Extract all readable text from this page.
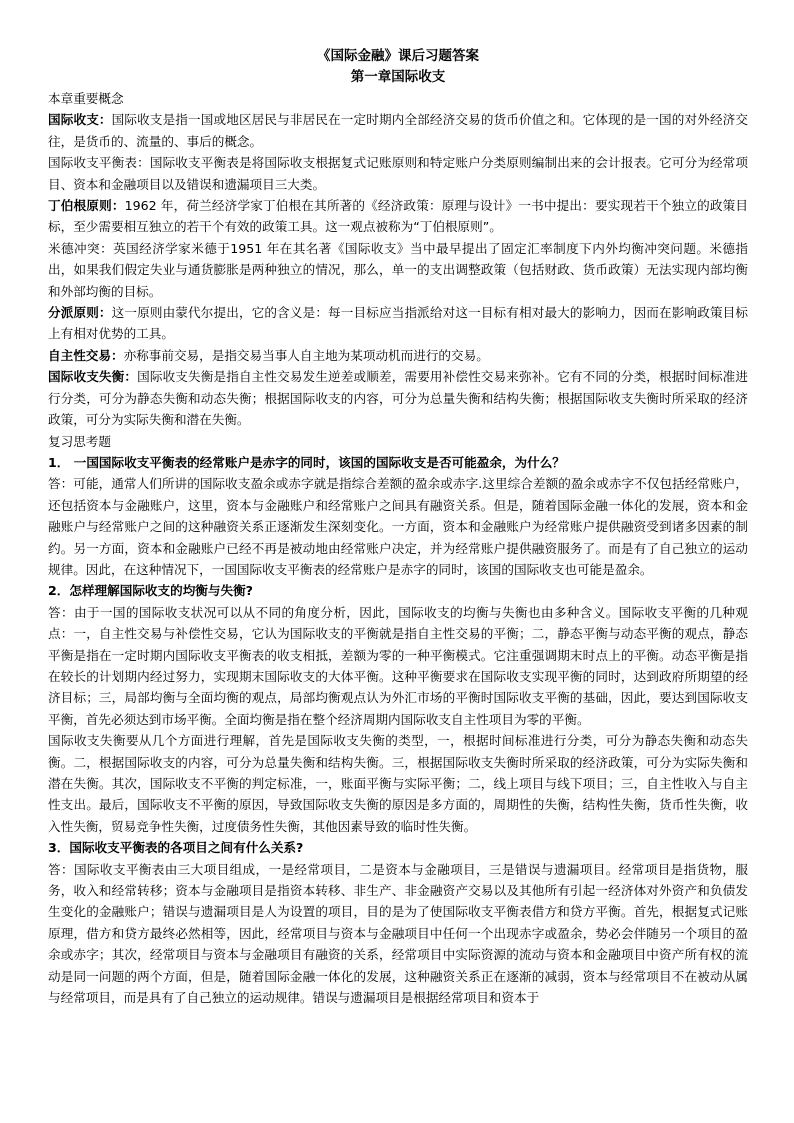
《国际金融》课后习题答案

第一章国际收支

本章重要概念

国际收支：国际收支是指一国或地区居民与非居民在一定时期内全部经济交易的货币价值之和。它体现的是一国的对外经济交往，是货币的、流量的、事后的概念。

国际收支平衡表：国际收支平衡表是将国际收支根据复式记账原则和特定账户分类原则编制出来的会计报表。它可分为经常项目、资本和金融项目以及错误和遗漏项目三大类。

丁伯根原则：1962 年，荷兰经济学家丁伯根在其所著的《经济政策：原理与设计》一书中提出：要实现若干个独立的政策目标，至少需要相互独立的若干个有效的政策工具。这一观点被称为“丁伯根原则”。

米德冲突：英国经济学家米德于1951 年在其名著《国际收支》当中最早提出了固定汇率制度下内外均衡冲突问题。米德指出，如果我们假定失业与通货膨胀是两种独立的情况，那么，单一的支出调整政策（包括财政、货币政策）无法实现内部均衡和外部均衡的目标。

分派原则：这一原则由蒙代尔提出，它的含义是：每一目标应当指派给对这一目标有相对最大的影响力，因而在影响政策目标上有相对优势的工具。

自主性交易：亦称事前交易，是指交易当事人自主地为某项动机而进行的交易。

国际收支失衡：国际收支失衡是指自主性交易发生逆差或顺差，需要用补偿性交易来弥补。它有不同的分类，根据时间标准进行分类，可分为静态失衡和动态失衡；根据国际收支的内容，可分为总量失衡和结构失衡；根据国际收支失衡时所采取的经济政策，可分为实际失衡和潜在失衡。

复习思考题

1． 一国国际收支平衡表的经常账户是赤字的同时，该国的国际收支是否可能盈余，为什么？

答：可能，通常人们所讲的国际收支盈余或赤字就是指综合差额的盈余或赤字.这里综合差额的盈余或赤字不仅包括经常账户，还包括资本与金融账户，这里，资本与金融账户和经常账户之间具有融资关系。但是，随着国际金融一体化的发展，资本和金融账户与经常账户之间的这种融资关系正逐渐发生深刻变化。一方面，资本和金融账户为经常账户提供融资受到诸多因素的制约。另一方面，资本和金融账户已经不再是被动地由经常账户决定，并为经常账户提供融资服务了。而是有了自己独立的运动规律。因此，在这种情况下，一国国际收支平衡表的经常账户是赤字的同时，该国的国际收支也可能是盈余。

2．怎样理解国际收支的均衡与失衡?

答：由于一国的国际收支状况可以从不同的角度分析，因此，国际收支的均衡与失衡也由多种含义。国际收支平衡的几种观点：一，自主性交易与补偿性交易，它认为国际收支的平衡就是指自主性交易的平衡；二，静态平衡与动态平衡的观点，静态平衡是指在一定时期内国际收支平衡表的收支相抵，差额为零的一种平衡模式。它注重强调期末时点上的平衡。动态平衡是指在较长的计划期内经过努力，实现期末国际收支的大体平衡。这种平衡要求在国际收支实现平衡的同时，达到政府所期望的经济目标；三，局部均衡与全面均衡的观点，局部均衡观点认为外汇市场的平衡时国际收支平衡的基础，因此，要达到国际收支平衡，首先必须达到市场平衡。全面均衡是指在整个经济周期内国际收支自主性项目为零的平衡。

国际收支失衡要从几个方面进行理解，首先是国际收支失衡的类型，一，根据时间标准进行分类，可分为静态失衡和动态失衡。二，根据国际收支的内容，可分为总量失衡和结构失衡。三，根据国际收支失衡时所采取的经济政策，可分为实际失衡和潜在失衡。其次，国际收支不平衡的判定标准，一，账面平衡与实际平衡；二，线上项目与线下项目；三，自主性收入与自主性支出。最后，国际收支不平衡的原因，导致国际收支失衡的原因是多方面的，周期性的失衡，结构性失衡，货币性失衡，收入性失衡，贸易竞争性失衡，过度债务性失衡，其他因素导致的临时性失衡。

3．国际收支平衡表的各项目之间有什么关系?

答：国际收支平衡表由三大项目组成，一是经常项目，二是资本与金融项目，三是错误与遗漏项目。经常项目是指货物，服务，收入和经常转移；资本与金融项目是指资本转移、非生产、非金融资产交易以及其他所有引起一经济体对外资产和负债发生变化的金融账户；错误与遗漏项目是人为设置的项目，目的是为了使国际收支平衡表借方和贷方平衡。首先，根据复式记账原理，借方和贷方最终必然相等，因此，经常项目与资本与金融项目中任何一个出现赤字或盈余，势必会伴随另一个项目的盈余或赤字；其次，经常项目与资本与金融项目有融资的关系，经常项目中实际资源的流动与资本和金融项目中资产所有权的流动是同一问题的两个方面，但是，随着国际金融一体化的发展，这种融资关系正在逐渐的减弱，资本与经常项目不在被动从属与经常项目，而是具有了自己独立的运动规律。错误与遗漏项目是根据经常项目和资本于
